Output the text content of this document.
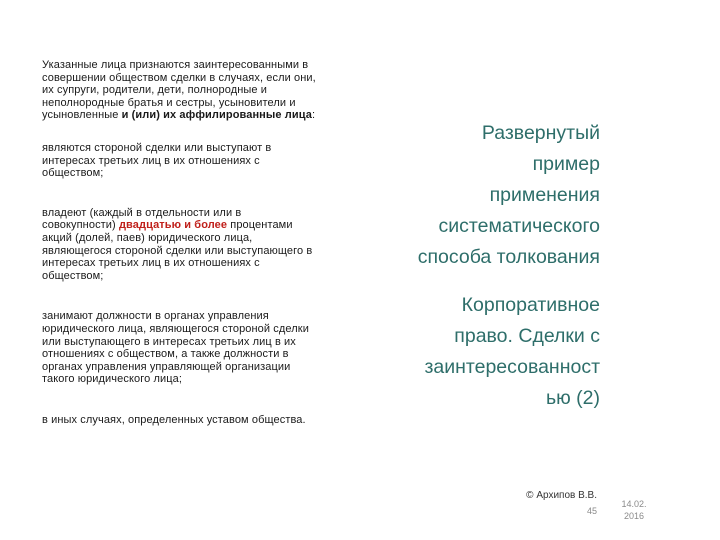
Указанные лица признаются заинтересованными в совершении обществом сделки в случаях, если они, их супруги, родители, дети, полнородные и неполнородные братья и сестры, усыновители и усыновленные и (или) их аффилированные лица:

являются стороной сделки или выступают в интересах третьих лиц в их отношениях с обществом;

владеют (каждый в отдельности или в совокупности) двадцатью и более процентами акций (долей, паев) юридического лица, являющегося стороной сделки или выступающего в интересах третьих лиц в их отношениях с обществом;

занимают должности в органах управления юридического лица, являющегося стороной сделки или выступающего в интересах третьих лиц в их отношениях с обществом, а также должности в органах управления управляющей организации такого юридического лица;

в иных случаях, определенных уставом общества.

Развернутый
пример
применения
систематического
способа толкования
Корпоративное
право. Сделки с
заинтересованност
ью (2)
© Архипов В.В.
45
14.02.
2016
